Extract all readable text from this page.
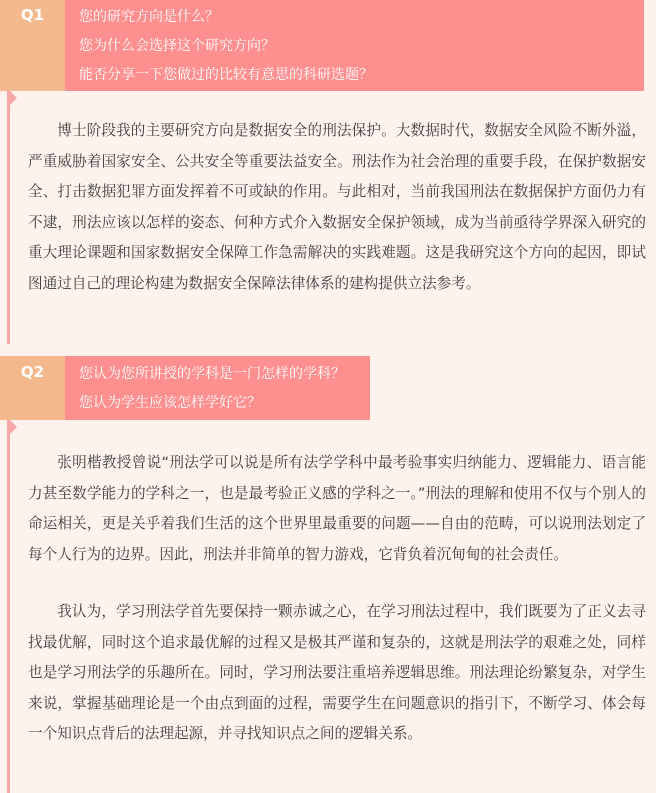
Q1	您的研究方向是什么？
您为什么会选择这个研究方向？
能否分享一下您做过的比较有意思的科研选题？

博士阶段我的主要研究方向是数据安全的刑法保护。大数据时代，数据安全风险不断外溢，严重威胁着国家安全、公共安全等重要法益安全。刑法作为社会治理的重要手段，在保护数据安全、打击数据犯罪方面发挥着不可或缺的作用。与此相对，当前我国刑法在数据保护方面仍力有不逮，刑法应该以怎样的姿态、何种方式介入数据安全保护领域，成为当前亟待学界深入研究的重大理论课题和国家数据安全保障工作急需解决的实践难题。这是我研究这个方向的起因，即试图通过自己的理论构建为数据安全保障法律体系的建构提供立法参考。

Q2	您认为您所讲授的学科是一门怎样的学科？
您认为学生应该怎样学好它？

张明楷教授曾说“刑法学可以说是所有法学学科中最考验事实归纳能力、逻辑能力、语言能力甚至数学能力的学科之一，也是最考验正义感的学科之一。”刑法的理解和使用不仅与个别人的命运相关，更是关乎着我们生活的这个世界里最重要的问题——自由的范畴，可以说刑法划定了每个人行为的边界。因此，刑法并非简单的智力游戏，它背负着沉甸甸的社会责任。

我认为，学习刑法学首先要保持一颗赤诚之心，在学习刑法过程中，我们既要为了正义去寻找最优解，同时这个追求最优解的过程又是极其严谨和复杂的，这就是刑法学的艰难之处，同样也是学习刑法学的乐趣所在。同时，学习刑法要注重培养逻辑思维。刑法理论纷繁复杂，对学生来说，掌握基础理论是一个由点到面的过程，需要学生在问题意识的指引下，不断学习、体会每一个知识点背后的法理起源，并寻找知识点之间的逻辑关系。
